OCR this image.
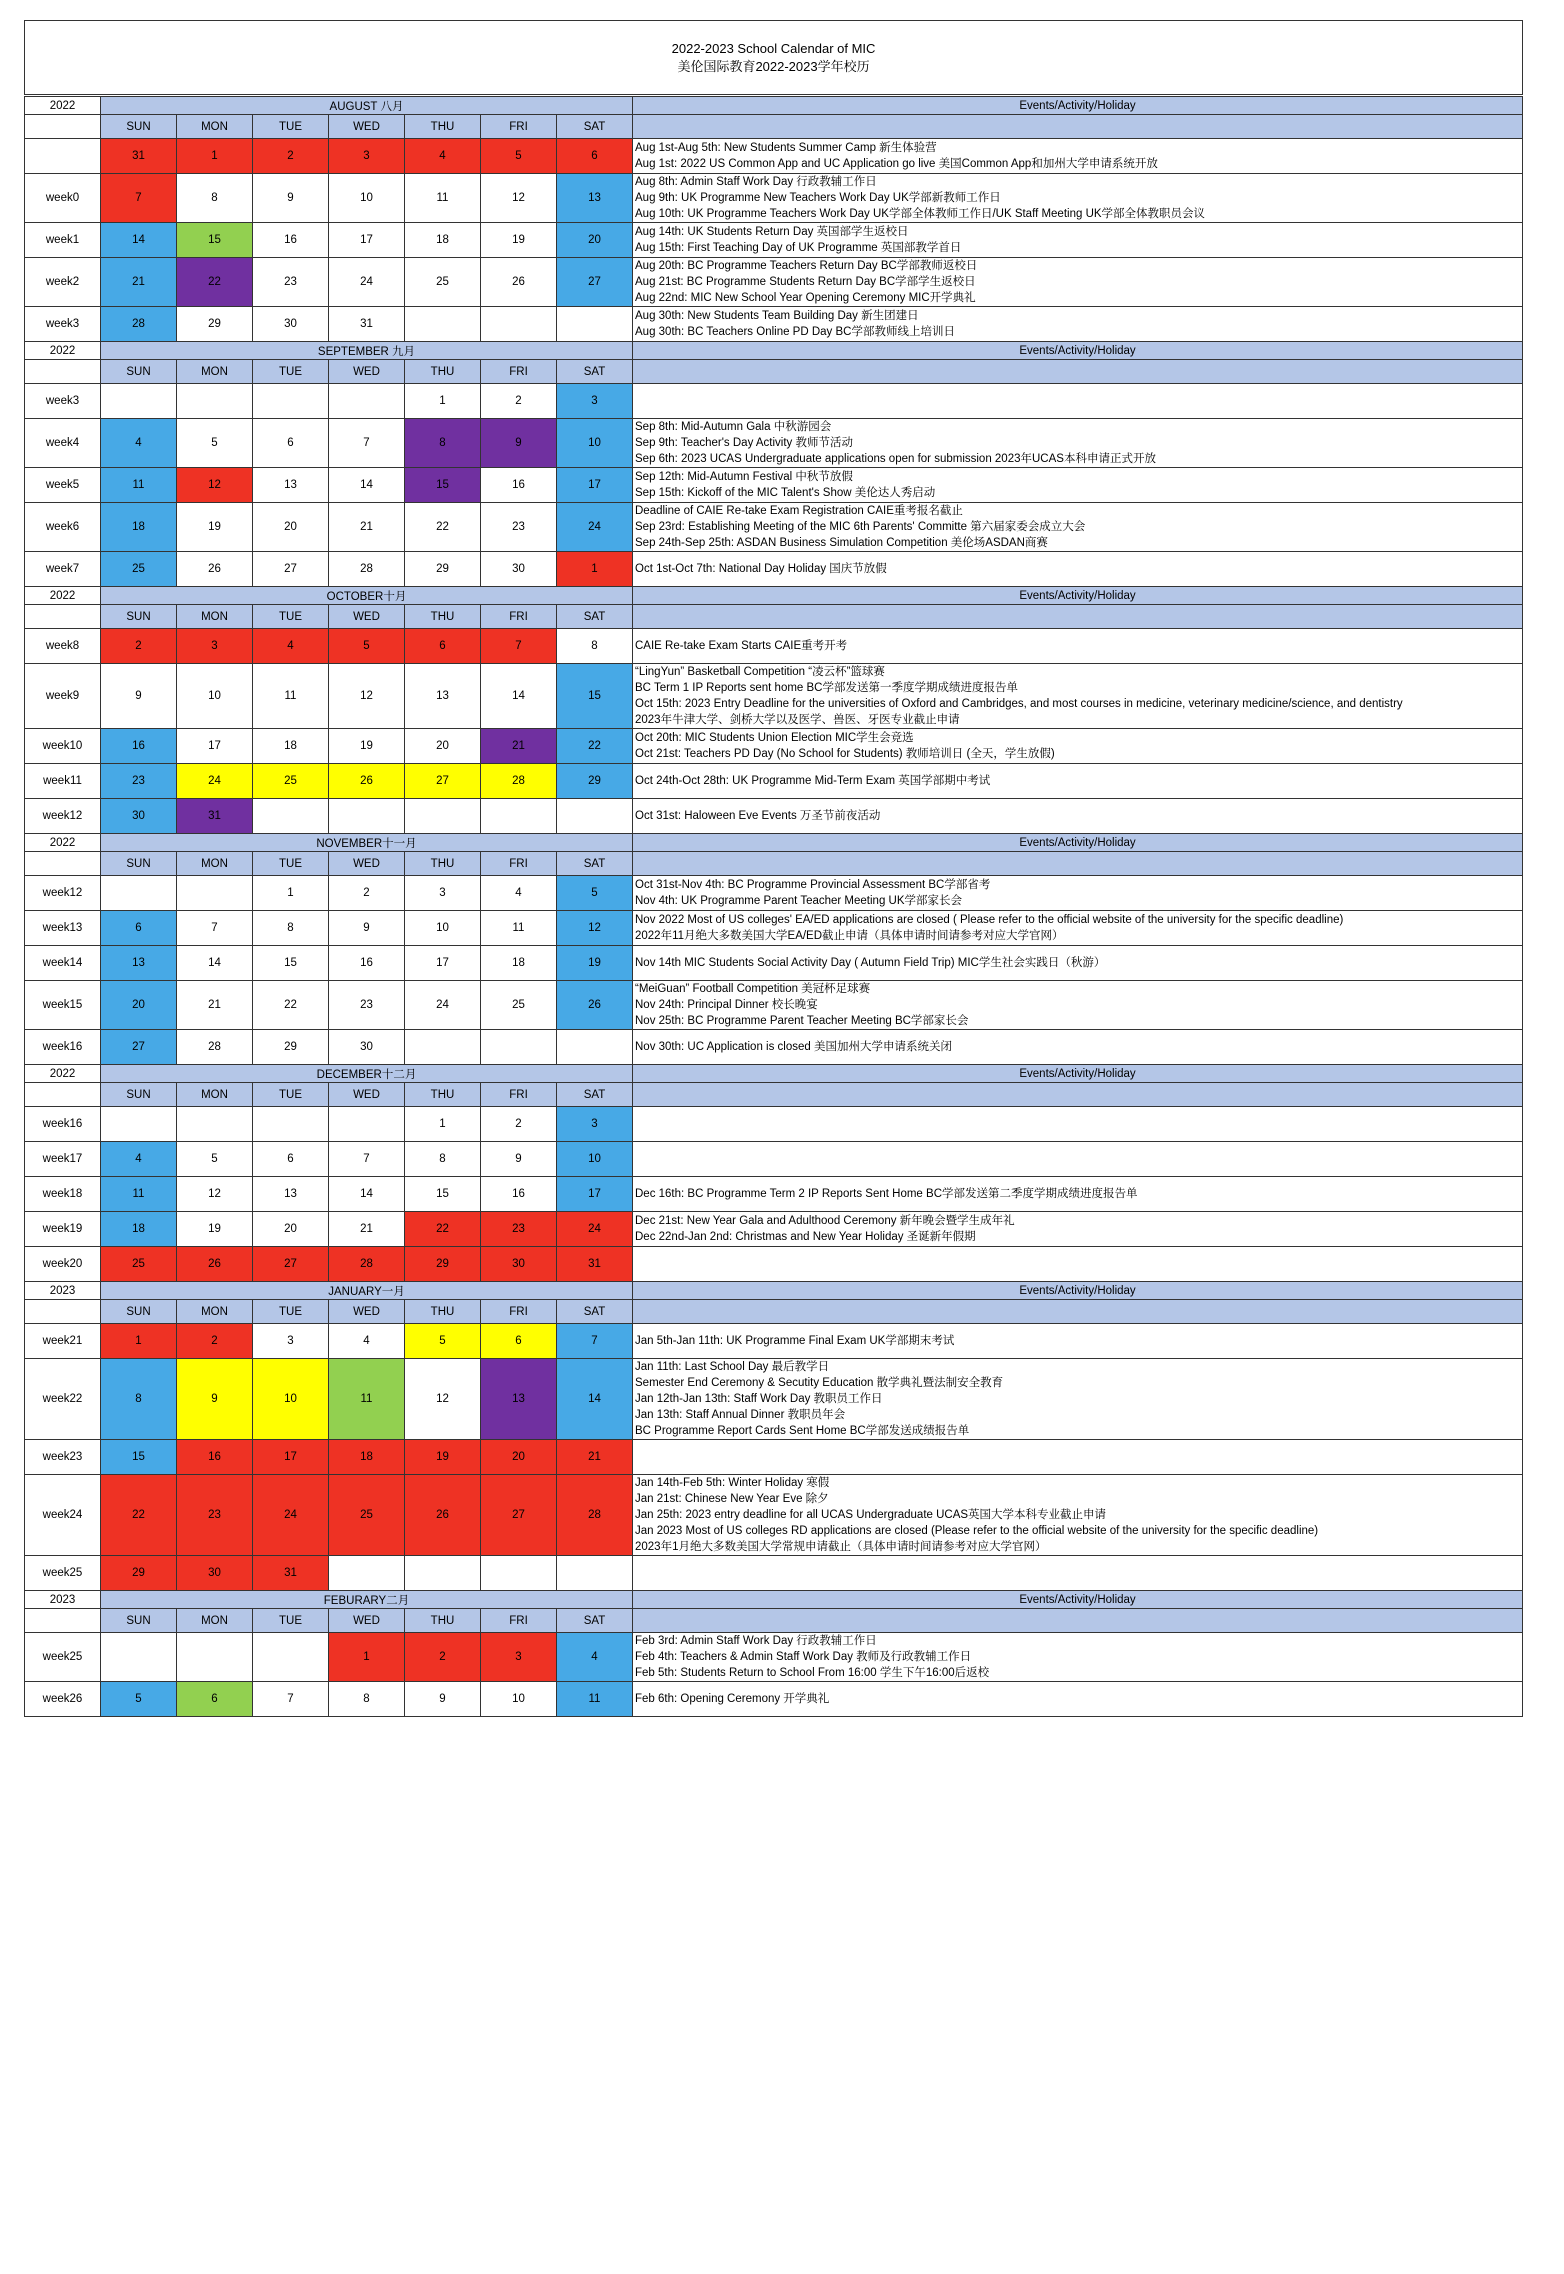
2022-2023 School Calendar of MIC
美伦国际教育2022-2023学年校历								

2022	AUGUST 八月							Events/Activity/Holiday
	SUN	MON	TUE	WED	THU	FRI	SAT	
	31	1	2	3	4	5	6	Aug 1st-Aug 5th: New Students Summer Camp 新生体验营
Aug 1st: 2022 US Common App and UC Application go live 美国Common App和加州大学申请系统开放

week0	7	8	9	10	11	12	13	Aug 8th: Admin Staff Work Day 行政教辅工作日
Aug 9th: UK Programme New Teachers Work Day UK学部新教师工作日
Aug 10th: UK Programme Teachers Work Day UK学部全体教师工作日/UK Staff Meeting UK学部全体教职员会议

week1	14	15	16	17	18	19	20	Aug 14th: UK Students Return Day 英国部学生返校日
Aug 15th: First Teaching Day of UK Programme 英国部教学首日

week2	21	22	23	24	25	26	27	Aug 20th: BC Programme Teachers Return Day BC学部教师返校日
Aug 21st: BC Programme Students Return Day BC学部学生返校日
Aug 22nd: MIC New School Year Opening Ceremony MIC开学典礼

week3	28	29	30	31				Aug 30th: New Students Team Building Day 新生团建日
Aug 30th: BC Teachers Online PD Day BC学部教师线上培训日

2022	SEPTEMBER 九月							Events/Activity/Holiday
	SUN	MON	TUE	WED	THU	FRI	SAT	
week3					1	2	3	
week4	4	5	6	7	8	9	10	Sep 8th: Mid-Autumn Gala 中秋游园会
Sep 9th: Teacher's Day Activity 教师节活动
Sep 6th: 2023 UCAS Undergraduate applications open for submission 2023年UCAS本科申请正式开放

week5	11	12	13	14	15	16	17	Sep 12th: Mid-Autumn Festival 中秋节放假
Sep 15th: Kickoff of the MIC Talent's Show 美伦达人秀启动

week6	18	19	20	21	22	23	24	Deadline of CAIE Re-take Exam Registration CAIE重考报名截止
Sep 23rd: Establishing Meeting of the MIC 6th Parents' Committe 第六届家委会成立大会
Sep 24th-Sep 25th: ASDAN Business Simulation Competition 美伦场ASDAN商赛

week7	25	26	27	28	29	30	1	Oct 1st-Oct 7th: National Day Holiday 国庆节放假

2022	OCTOBER十月							Events/Activity/Holiday
	SUN	MON	TUE	WED	THU	FRI	SAT	
week8	2	3	4	5	6	7	8	CAIE Re-take Exam Starts CAIE重考开考

week9	9	10	11	12	13	14	15	“LingYun” Basketball Competition “凌云杯”篮球赛
BC Term 1 IP Reports sent home BC学部发送第一季度学期成绩进度报告单
Oct 15th: 2023 Entry Deadline for the universities of Oxford and Cambridges, and most courses in medicine, veterinary medicine/science, and dentistry
2023年牛津大学、剑桥大学以及医学、兽医、牙医专业截止申请

week10	16	17	18	19	20	21	22	Oct 20th: MIC Students Union Election MIC学生会竞选
Oct 21st: Teachers PD Day (No School for Students) 教师培训日 (全天，学生放假)

week11	23	24	25	26	27	28	29	Oct 24th-Oct 28th: UK Programme Mid-Term Exam 英国学部期中考试

week12	30	31						Oct 31st: Haloween Eve Events 万圣节前夜活动

2022	NOVEMBER十一月							Events/Activity/Holiday
	SUN	MON	TUE	WED	THU	FRI	SAT	
week12			1	2	3	4	5	Oct 31st-Nov 4th: BC Programme Provincial Assessment BC学部省考
Nov 4th: UK Programme Parent Teacher Meeting UK学部家长会

week13	6	7	8	9	10	11	12	Nov 2022 Most of US colleges' EA/ED applications are closed ( Please refer to the official website of the university for the specific deadline)
2022年11月绝大多数美国大学EA/ED截止申请（具体申请时间请参考对应大学官网）

week14	13	14	15	16	17	18	19	Nov 14th MIC Students Social Activity Day ( Autumn Field Trip) MIC学生社会实践日（秋游）

week15	20	21	22	23	24	25	26	“MeiGuan” Football Competition 美冠杯足球赛
Nov 24th: Principal Dinner 校长晚宴
Nov 25th: BC Programme Parent Teacher Meeting BC学部家长会

week16	27	28	29	30				Nov 30th: UC Application is closed 美国加州大学申请系统关闭

2022	DECEMBER十二月							Events/Activity/Holiday
	SUN	MON	TUE	WED	THU	FRI	SAT	
week16					1	2	3	
week17	4	5	6	7	8	9	10	
week18	11	12	13	14	15	16	17	Dec 16th: BC Programme Term 2 IP Reports Sent Home BC学部发送第二季度学期成绩进度报告单

week19	18	19	20	21	22	23	24	Dec 21st: New Year Gala and Adulthood Ceremony 新年晚会暨学生成年礼
Dec 22nd-Jan 2nd: Christmas and New Year Holiday 圣诞新年假期

week20	25	26	27	28	29	30	31	
2023	JANUARY一月							Events/Activity/Holiday
	SUN	MON	TUE	WED	THU	FRI	SAT	
week21	1	2	3	4	5	6	7	Jan 5th-Jan 11th: UK Programme Final Exam UK学部期末考试

week22	8	9	10	11	12	13	14	Jan 11th: Last School Day 最后教学日
Semester End Ceremony & Secutity Education 散学典礼暨法制安全教育
Jan 12th-Jan 13th: Staff Work Day 教职员工作日
Jan 13th: Staff Annual Dinner 教职员年会
BC Programme Report Cards Sent Home BC学部发送成绩报告单

week23	15	16	17	18	19	20	21	
week24	22	23	24	25	26	27	28	Jan 14th-Feb 5th: Winter Holiday 寒假
Jan 21st: Chinese New Year Eve 除夕
Jan 25th: 2023 entry deadline for all UCAS Undergraduate UCAS英国大学本科专业截止申请
Jan 2023 Most of US colleges RD applications are closed (Please refer to the official website of the university for the specific deadline)
2023年1月绝大多数美国大学常规申请截止（具体申请时间请参考对应大学官网）

week25	29	30	31					
2023	FEBURARY二月							Events/Activity/Holiday
	SUN	MON	TUE	WED	THU	FRI	SAT	
week25				1	2	3	4	Feb 3rd: Admin Staff Work Day 行政教辅工作日
Feb 4th: Teachers & Admin Staff Work Day 教师及行政教辅工作日
Feb 5th: Students Return to School From 16:00 学生下午16:00后返校

week26	5	6	7	8	9	10	11	Feb 6th: Opening Ceremony 开学典礼
